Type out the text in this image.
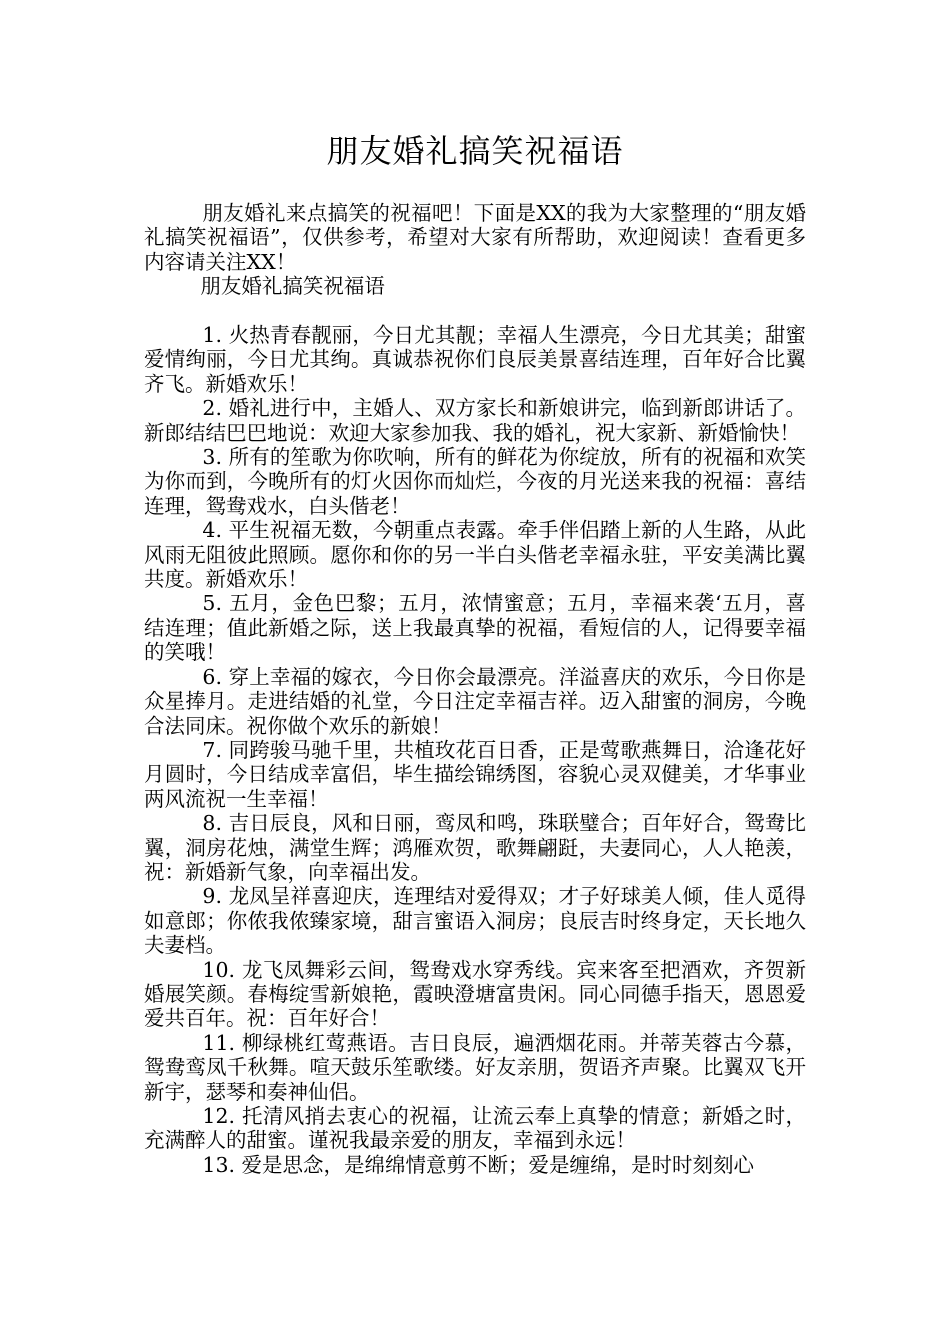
朋友婚礼搞笑祝福语

朋友婚礼来点搞笑的祝福吧！下面是XX的我为大家整理的“朋友婚礼搞笑祝福语”，仅供参考，希望对大家有所帮助，欢迎阅读！查看更多内容请关注XX！

朋友婚礼搞笑祝福语

1. 火热青春靓丽，今日尤其靓；幸福人生漂亮，今日尤其美；甜蜜爱情绚丽，今日尤其绚。真诚恭祝你们良辰美景喜结连理，百年好合比翼齐飞。新婚欢乐！

2. 婚礼进行中，主婚人、双方家长和新娘讲完，临到新郎讲话了。新郎结结巴巴地说：欢迎大家参加我、我的婚礼，祝大家新、新婚愉快！

3. 所有的笙歌为你吹响，所有的鲜花为你绽放，所有的祝福和欢笑为你而到，今晚所有的灯火因你而灿烂，今夜的月光送来我的祝福：喜结连理，鸳鸯戏水，白头偕老！

4. 平生祝福无数，今朝重点表露。牵手伴侣踏上新的人生路，从此风雨无阻彼此照顾。愿你和你的另一半白头偕老幸福永驻，平安美满比翼共度。新婚欢乐！

5. 五月，金色巴黎；五月，浓情蜜意；五月，幸福来袭‘五月，喜结连理；值此新婚之际，送上我最真挚的祝福，看短信的人，记得要幸福的笑哦！

6. 穿上幸福的嫁衣，今日你会最漂亮。洋溢喜庆的欢乐，今日你是众星捧月。走进结婚的礼堂，今日注定幸福吉祥。迈入甜蜜的洞房，今晚合法同床。祝你做个欢乐的新娘！

7. 同跨骏马驰千里，共植玫花百日香，正是莺歌燕舞日，洽逢花好月圆时，今日结成幸富侣，毕生描绘锦绣图，容貌心灵双健美，才华事业两风流祝一生幸福！

8. 吉日辰良，风和日丽，鸾凤和鸣，珠联璧合；百年好合，鸳鸯比翼，洞房花烛，满堂生辉；鸿雁欢贺，歌舞翩跹，夫妻同心，人人艳羡，祝：新婚新气象，向幸福出发。

9. 龙凤呈祥喜迎庆，连理结对爱得双；才子好球美人倾，佳人觅得如意郎；你侬我侬臻家境，甜言蜜语入洞房；良辰吉时终身定，天长地久夫妻档。

10. 龙飞凤舞彩云间，鸳鸯戏水穿秀线。宾来客至把酒欢，齐贺新婚展笑颜。春梅绽雪新娘艳，霞映澄塘富贵闲。同心同德手指天，恩恩爱爱共百年。祝：百年好合！

11. 柳绿桃红莺燕语。吉日良辰，遍洒烟花雨。并蒂芙蓉古今慕，鸳鸯鸾凤千秋舞。喧天鼓乐笙歌缕。好友亲朋，贺语齐声聚。比翼双飞开新宇，瑟琴和奏神仙侣。

12. 托清风捎去衷心的祝福，让流云奉上真挚的情意；新婚之时，充满醉人的甜蜜。谨祝我最亲爱的朋友，幸福到永远！

13. 爱是思念，是绵绵情意剪不断；爱是缠绵，是时时刻刻心
